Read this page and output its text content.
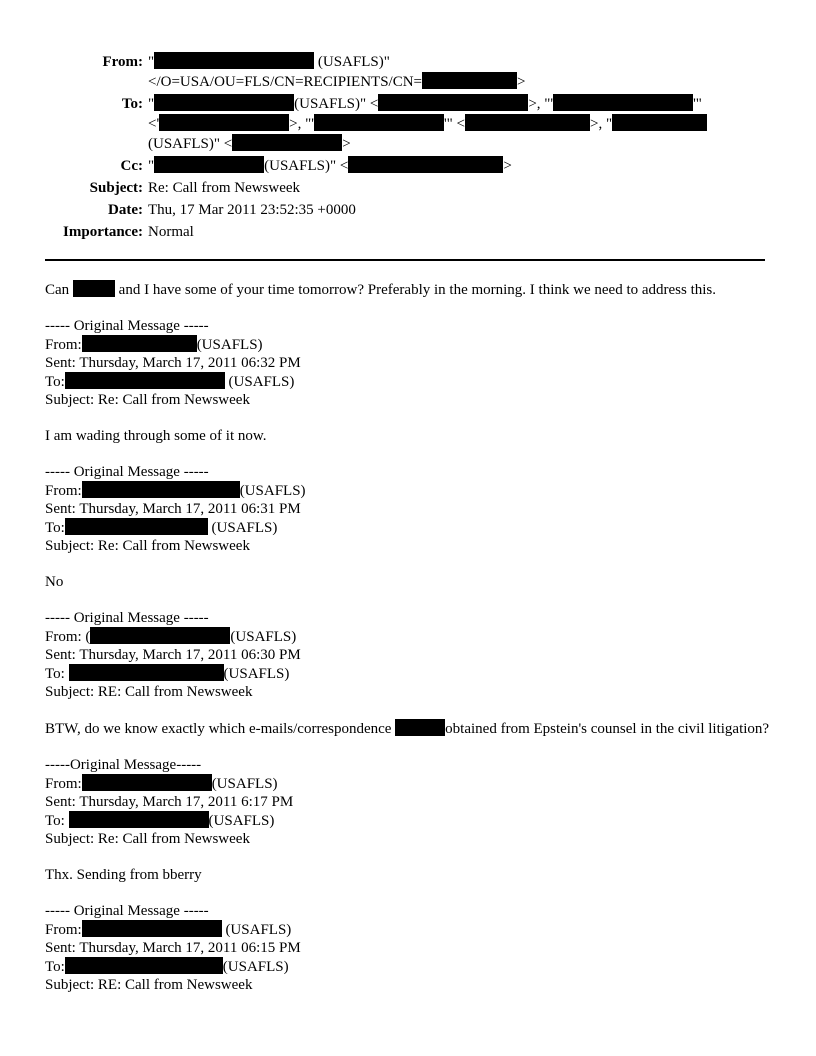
From: "	(USAFLS)"
</O=USA/OU=FLS/CN=RECIPIENTS/CN=	>
To: "	(USAFLS)" <	>, "'	'"
<'	>, "'	'" <	>, "
(USAFLS)" <	>
Cc: "	(USAFLS)" <	>
Subject: Re: Call from Newsweek
Date: Thu, 17 Mar 2011 23:52:35 +0000
Importance: Normal

Can	and I have some of your time tomorrow? Preferably in the morning. I think we need to address this.

----- Original Message -----

From:	(USAFLS)

Sent: Thursday, March 17, 2011 06:32 PM

To:	(USAFLS)

Subject: Re: Call from Newsweek

I am wading through some of it now.

----- Original Message -----

From:	(USAFLS)

Sent: Thursday, March 17, 2011 06:31 PM

To:	(USAFLS)

Subject: Re: Call from Newsweek

No

----- Original Message -----

From: (	(USAFLS)

Sent: Thursday, March 17, 2011 06:30 PM

To:	(USAFLS)

Subject: RE: Call from Newsweek

BTW, do we know exactly which e-mails/correspondence	obtained from Epstein's counsel in the civil litigation?

-----Original Message-----

From:	(USAFLS)

Sent: Thursday, March 17, 2011 6:17 PM

To:	(USAFLS)

Subject: Re: Call from Newsweek

Thx. Sending from bberry

----- Original Message -----

From:	(USAFLS)

Sent: Thursday, March 17, 2011 06:15 PM

To:	(USAFLS)

Subject: RE: Call from Newsweek
